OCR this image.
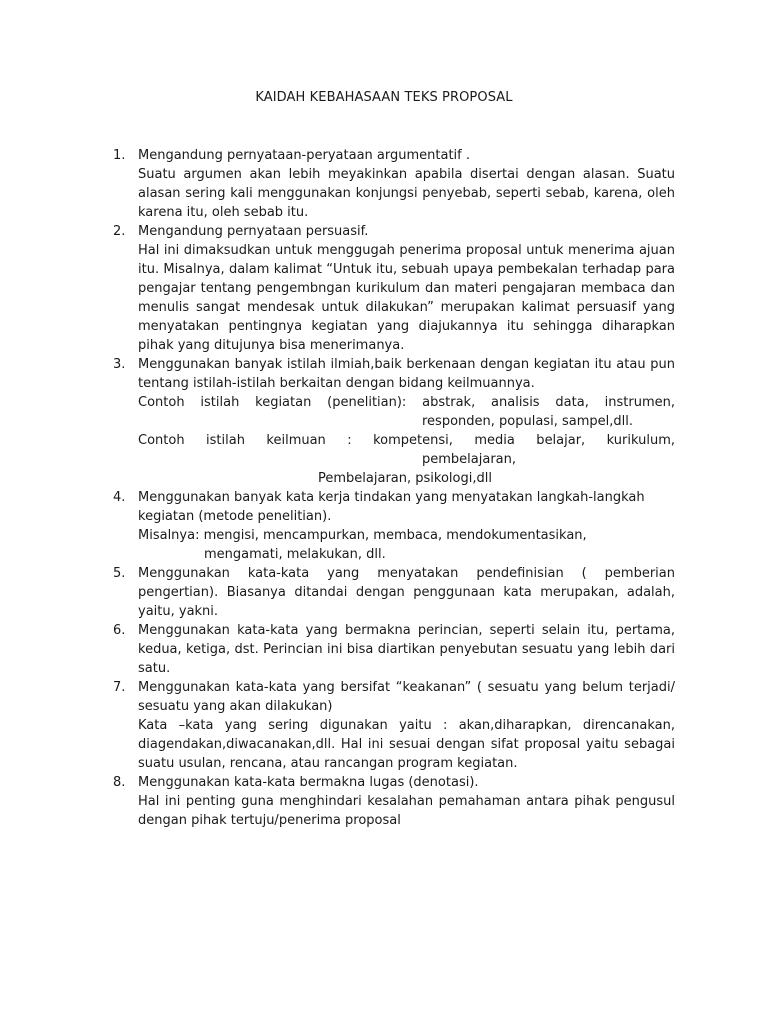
KAIDAH KEBAHASAAN TEKS PROPOSAL
1. Mengandung pernyataan-peryataan argumentatif .
Suatu argumen akan lebih meyakinkan apabila disertai dengan alasan. Suatu alasan sering kali menggunakan konjungsi penyebab, seperti sebab, karena, oleh karena itu, oleh sebab itu.
2. Mengandung pernyataan persuasif.
Hal ini dimaksudkan untuk menggugah penerima proposal untuk menerima ajuan itu. Misalnya, dalam kalimat “Untuk itu, sebuah upaya pembekalan terhadap para pengajar tentang pengembngan kurikulum dan materi pengajaran membaca dan menulis sangat mendesak untuk dilakukan” merupakan kalimat persuasif yang menyatakan pentingnya kegiatan yang diajukannya itu sehingga diharapkan pihak yang ditujunya bisa menerimanya.
3. Menggunakan banyak istilah ilmiah,baik berkenaan dengan kegiatan itu atau pun tentang istilah-istilah berkaitan dengan bidang keilmuannya.
Contoh istilah kegiatan (penelitian): abstrak, analisis data, instrumen,
responden, populasi, sampel,dll.
Contoh istilah keilmuan : kompetensi, media belajar, kurikulum,
pembelajaran,
Pembelajaran, psikologi,dll
4. Menggunakan banyak kata kerja tindakan yang menyatakan langkah-langkah kegiatan (metode penelitian).
Misalnya: mengisi, mencampurkan, membaca, mendokumentasikan,
mengamati, melakukan, dll.
5. Menggunakan kata-kata yang menyatakan pendefinisian ( pemberian pengertian). Biasanya ditandai dengan penggunaan kata merupakan, adalah, yaitu, yakni.
6. Menggunakan kata-kata yang bermakna perincian, seperti selain itu, pertama, kedua, ketiga, dst. Perincian ini bisa diartikan penyebutan sesuatu yang lebih dari satu.
7. Menggunakan kata-kata yang bersifat “keakanan” ( sesuatu yang belum terjadi/ sesuatu yang akan dilakukan)
Kata –kata yang sering digunakan yaitu : akan,diharapkan, direncanakan, diagendakan,diwacanakan,dll. Hal ini sesuai dengan sifat proposal yaitu sebagai suatu usulan, rencana, atau rancangan program kegiatan.
8. Menggunakan kata-kata bermakna lugas (denotasi).
Hal ini penting guna menghindari kesalahan pemahaman antara pihak pengusul dengan pihak tertuju/penerima proposal
